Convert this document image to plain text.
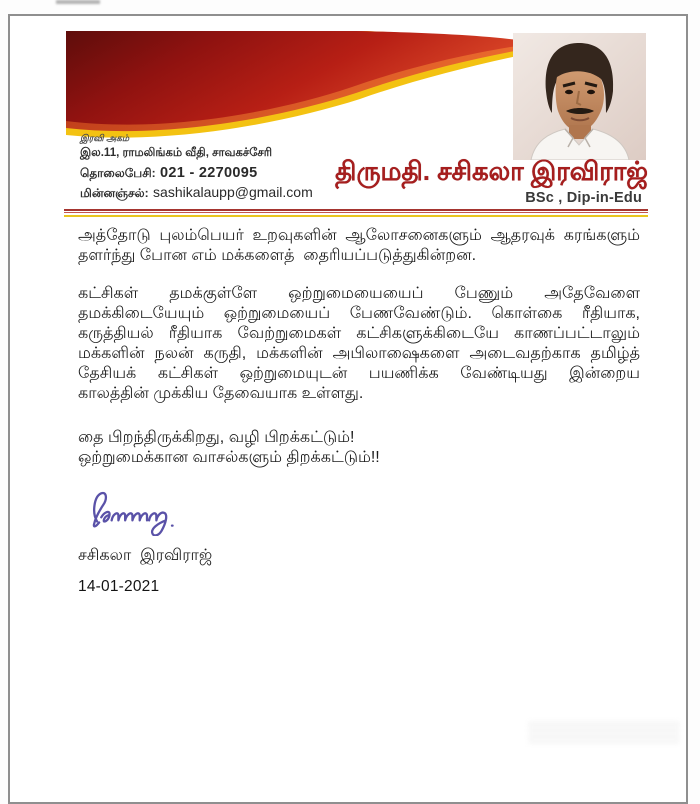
இரவி அகம்
இல.11, ராமலிங்கம் வீதி, சாவகச்சேரி
தொலைபேசி: 021 - 2270095
மின்னஞ்சல்: sashikalaupp@gmail.com
திருமதி. சசிகலா இரவிராஜ்
BSc , Dip-in-Edu
அத்தோடு புலம்பெயர் உறவுகளின் ஆலோசனைகளும் ஆதரவுக் கரங்களும்
தளர்ந்து போன எம் மக்களைத்  தைரியப்படுத்துகின்றன.
கட்சிகள் தமக்குள்ளே ஒற்றுமையையைப் பேணும் அதேவேளை
தமக்கிடையேயும் ஒற்றுமையைப் பேணவேண்டும். கொள்கை ரீதியாக,
கருத்தியல் ரீதியாக வேற்றுமைகள் கட்சிகளுக்கிடையே காணப்பட்டாலும்
மக்களின் நலன் கருதி, மக்களின் அபிலாஷைகளை அடைவதற்காக தமிழ்த்
தேசியக் கட்சிகள் ஒற்றுமையுடன் பயணிக்க வேண்டியது இன்றைய
காலத்தின் முக்கிய தேவையாக உள்ளது.
தை பிறந்திருக்கிறது, வழி பிறக்கட்டும்!
ஒற்றுமைக்கான வாசல்களும் திறக்கட்டும்!!
சசிகலா  இரவிராஜ்
14-01-2021
